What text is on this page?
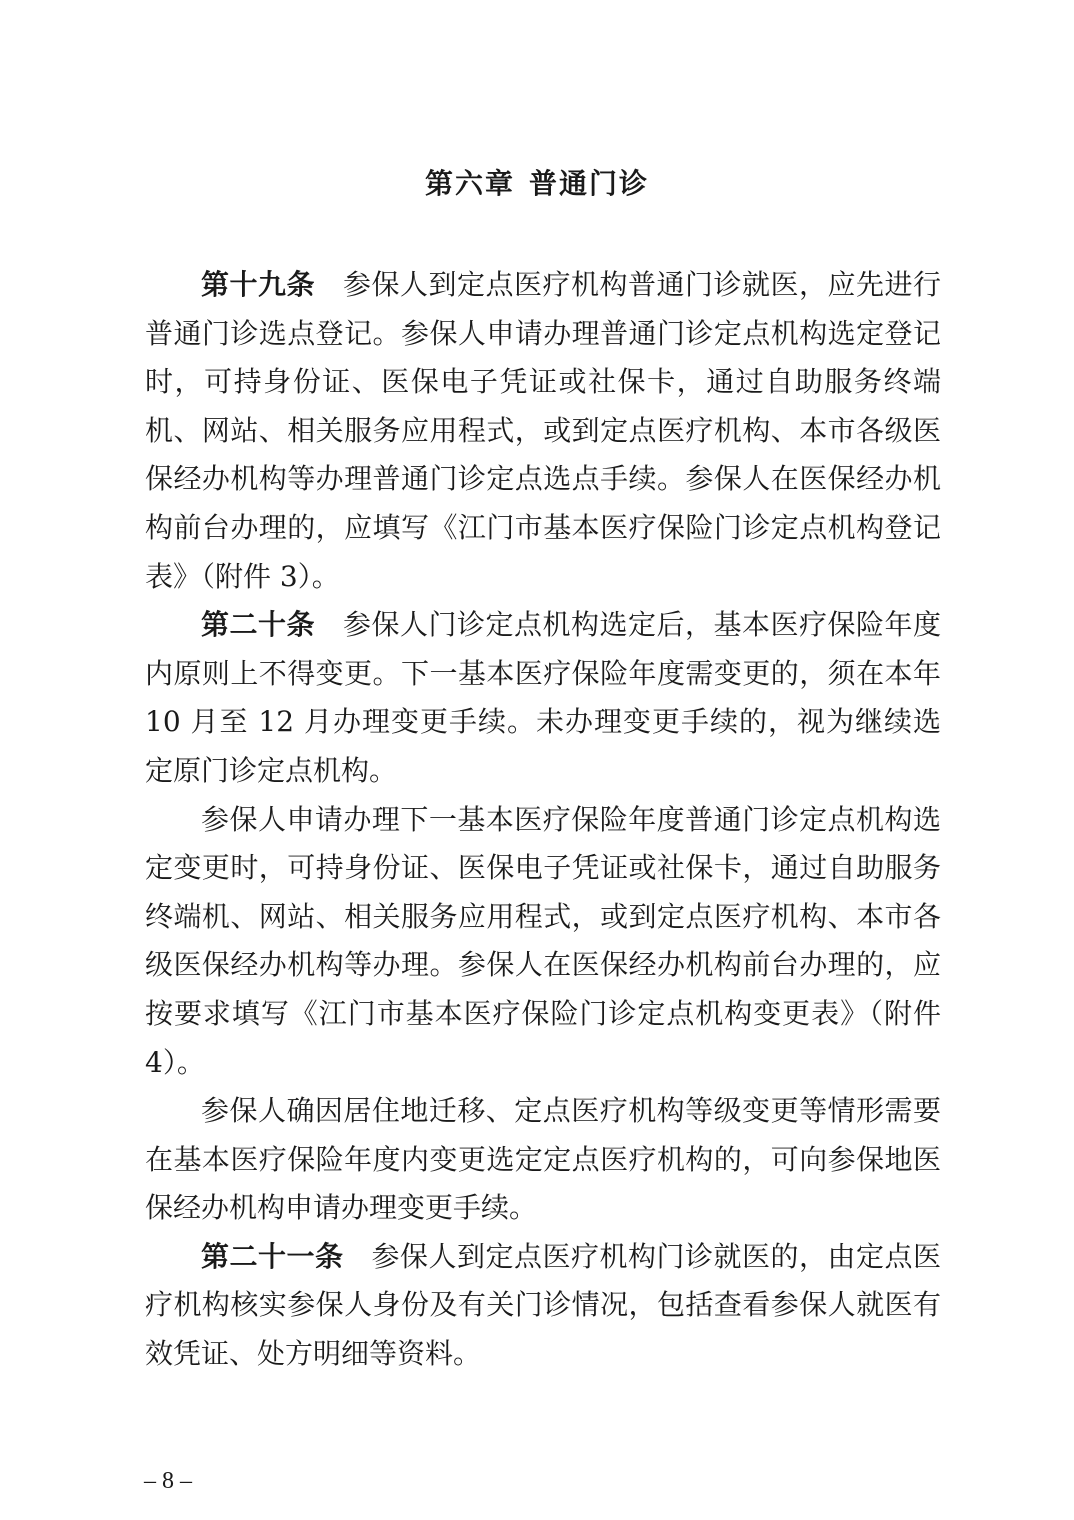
第六章 普通门诊

第十九条 参保人到定点医疗机构普通门诊就医，应先进行普通门诊选点登记。参保人申请办理普通门诊定点机构选定登记时，可持身份证、医保电子凭证或社保卡，通过自助服务终端机、网站、相关服务应用程式，或到定点医疗机构、本市各级医保经办机构等办理普通门诊定点选点手续。参保人在医保经办机构前台办理的，应填写《江门市基本医疗保险门诊定点机构登记表》（附件 3）。

第二十条 参保人门诊定点机构选定后，基本医疗保险年度内原则上不得变更。下一基本医疗保险年度需变更的，须在本年 10 月至 12 月办理变更手续。未办理变更手续的，视为继续选定原门诊定点机构。

参保人申请办理下一基本医疗保险年度普通门诊定点机构选定变更时，可持身份证、医保电子凭证或社保卡，通过自助服务终端机、网站、相关服务应用程式，或到定点医疗机构、本市各级医保经办机构等办理。参保人在医保经办机构前台办理的，应按要求填写《江门市基本医疗保险门诊定点机构变更表》（附件 4）。

参保人确因居住地迁移、定点医疗机构等级变更等情形需要在基本医疗保险年度内变更选定定点医疗机构的，可向参保地医保经办机构申请办理变更手续。

第二十一条 参保人到定点医疗机构门诊就医的，由定点医疗机构核实参保人身份及有关门诊情况，包括查看参保人就医有效凭证、处方明细等资料。

– 8 –
